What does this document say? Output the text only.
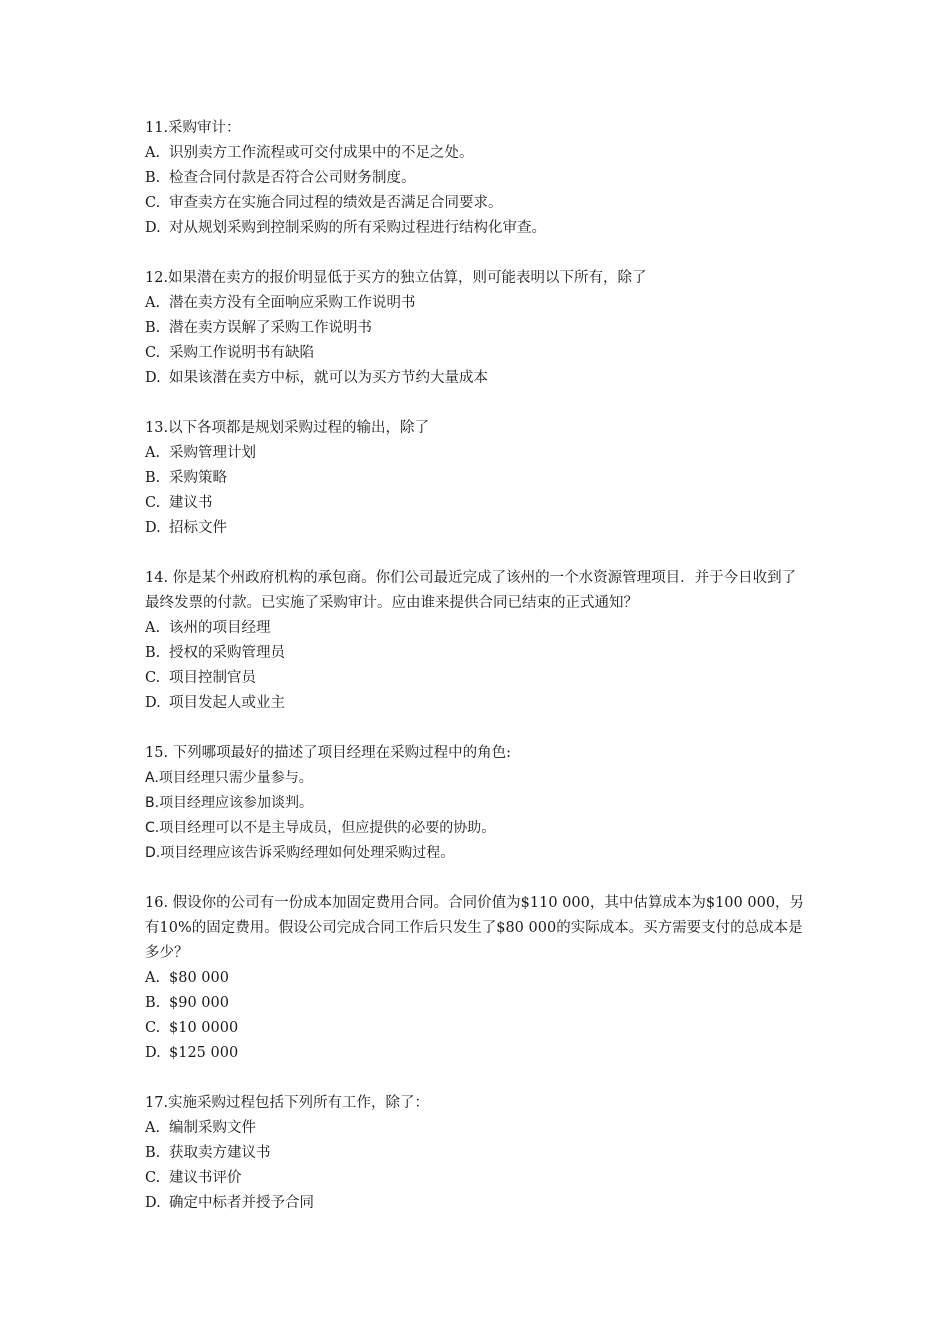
11.采购审计：
A. 识别卖方工作流程或可交付成果中的不足之处。
B. 检查合同付款是否符合公司财务制度。
C. 审查卖方在实施合同过程的绩效是否满足合同要求。
D. 对从规划采购到控制采购的所有采购过程进行结构化审查。
12.如果潜在卖方的报价明显低于买方的独立估算，则可能表明以下所有，除了
A. 潜在卖方没有全面响应采购工作说明书
B. 潜在卖方误解了采购工作说明书
C. 采购工作说明书有缺陷
D. 如果该潜在卖方中标，就可以为买方节约大量成本
13.以下各项都是规划采购过程的输出，除了
A. 采购管理计划
B. 采购策略
C. 建议书
D. 招标文件
14. 你是某个州政府机构的承包商。你们公司最近完成了该州的一个水资源管理项目．并于今日收到了最终发票的付款。已实施了采购审计。应由谁来提供合同已结束的正式通知？
A. 该州的项目经理
B. 授权的采购管理员
C. 项目控制官员
D. 项目发起人或业主
15. 下列哪项最好的描述了项目经理在采购过程中的角色:
A.项目经理只需少量参与。
B.项目经理应该参加谈判。
C.项目经理可以不是主导成员，但应提供的必要的协助。
D.项目经理应该告诉采购经理如何处理采购过程。
16. 假设你的公司有一份成本加固定费用合同。合同价值为$110 000，其中估算成本为$100 000，另有10%的固定费用。假设公司完成合同工作后只发生了$80 000的实际成本。买方需要支付的总成本是多少？
A. $80 000
B. $90 000
C. $10 0000
D. $125 000
17.实施采购过程包括下列所有工作，除了：
A. 编制采购文件
B. 获取卖方建议书
C. 建议书评价
D. 确定中标者并授予合同
